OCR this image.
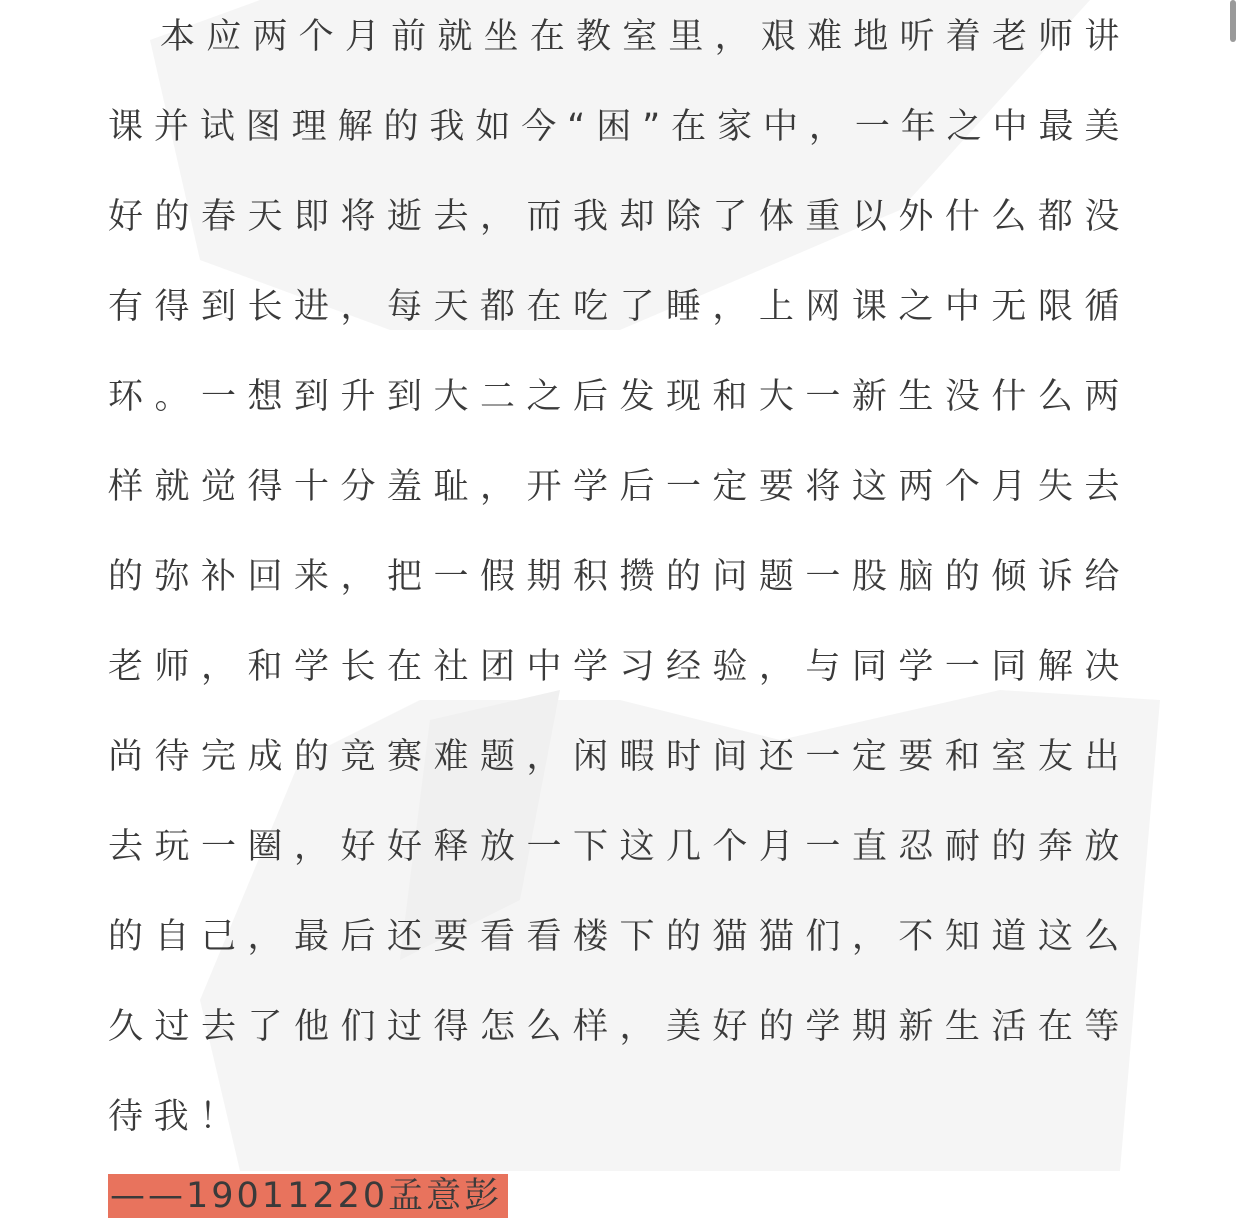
本应两个月前就坐在教室里，艰难地听着老师讲课并试图理解的我如今“困”在家中，一年之中最美好的春天即将逝去，而我却除了体重以外什么都没有得到长进，每天都在吃了睡，上网课之中无限循环。一想到升到大二之后发现和大一新生没什么两样就觉得十分羞耻，开学后一定要将这两个月失去的弥补回来，把一假期积攒的问题一股脑的倾诉给老师，和学长在社团中学习经验，与同学一同解决尚待完成的竞赛难题，闲暇时间还一定要和室友出去玩一圈，好好释放一下这几个月一直忍耐的奔放的自己，最后还要看看楼下的猫猫们，不知道这么久过去了他们过得怎么样，美好的学期新生活在等待我！

——19011220孟意彭
